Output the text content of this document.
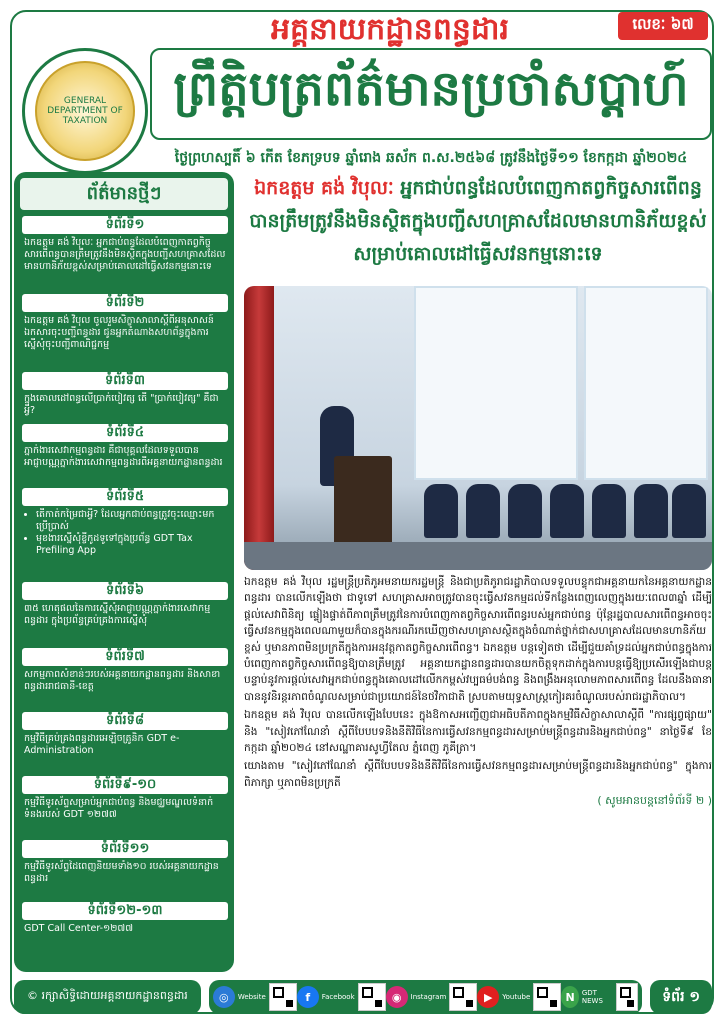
លេខៈ ៦៧
អគ្គនាយកដ្ឋានពន្ធដារ
GENERAL DEPARTMENT OF TAXATION
ព្រឹត្តិបត្រព័ត៌មានប្រចាំសប្ដាហ៍
ថ្ងៃព្រហស្បតិ៍ ៦ កើត ខែភទ្របទ ឆ្នាំរោង ឆស័ក ព.ស.២៥៦៨ ត្រូវនឹងថ្ងៃទី១១ ខែកក្កដា ឆ្នាំ២០២៤
ព័ត៌មានថ្មីៗ
ទំព័រទី១
ឯកឧត្តម គង់ វិបុលៈ អ្នកជាប់ពន្ធដែលបំពេញកាតព្វកិច្ចសារពើពន្ធបានត្រឹមត្រូវនឹងមិនស្ថិតក្នុងបញ្ជីសហគ្រាសដែលមានហានិភ័យខ្ពស់សម្រាប់គោលដៅធ្វើសវនកម្មនោះទេ
ទំព័រទី២
ឯកឧត្តម គង់ វិបុល ចូលរួមសិក្ខាសាលាស្ដីពីអនុសាសន៍ឯកសារចុះបញ្ជីពន្ធដារ ជូនអ្នកតំណាងសហព័ន្ធក្នុងការស្នើសុំចុះបញ្ជីពាណិជ្ជកម្ម
ទំព័រទី៣
ក្នុងគោលដៅពន្ធលើប្រាក់បៀវត្ស តើ "ប្រាក់បៀវត្ស" គឺជាអ្វី?
ទំព័រទី៤
ភ្នាក់ងារសេវាកម្មពន្ធដារ គឺជាបុគ្គលដែលទទួលបានអាជ្ញាបណ្ណភ្នាក់ងារសេវាកម្មពន្ធដារពីអគ្គនាយកដ្ឋានពន្ធដារ
ទំព័រទី៥
• តើកាត់កម្រៃជាអ្វី? ដែលអ្នកជាប់ពន្ធត្រូវចុះឈ្មោះមកប្រើប្រាស់
• មុខងារស្នើសុំខ្ចីកូដទូទៅក្នុងប្រព័ន្ធ GDT Tax Prefiling App
ទំព័រទី៦
៣៥ ហេតុផលនៃការស្នើសុំអាជ្ញាបណ្ណភ្នាក់ងារសេវាកម្មពន្ធដារ ក្នុងប្រព័ន្ធគ្រប់គ្រងការស្នើសុំ
ទំព័រទី៧
សកម្មភាពសំខាន់ៗរបស់អគ្គនាយកដ្ឋានពន្ធដារ និងសាខាពន្ធដាររាជធានី-ខេត្ត
ទំព័រទី៨
កម្មវិធីគ្រប់គ្រងពន្ធដារអេឡិចត្រូនិក GDT e-Administration
ទំព័រទី៩-១០
កម្មវិធីទូរស័ព្ទសម្រាប់អ្នកជាប់ពន្ធ និងមជ្ឈមណ្ឌលទំនាក់ទំនងរបស់ GDT ១២៧៧
ទំព័រទី១១
កម្មវិធីទូរស័ព្ទដៃពេញនិយមទាំង១០ របស់អគ្គនាយកដ្ឋានពន្ធដារ
ទំព័រទី១២-១៣
GDT Call Center-១២៧៧
ឯកឧត្តម គង់ វិបុលៈ អ្នកជាប់ពន្ធដែលបំពេញកាតព្វកិច្ចសារពើពន្ធបានត្រឹមត្រូវនឹងមិនស្ថិតក្នុងបញ្ជីសហគ្រាសដែលមានហានិភ័យខ្ពស់សម្រាប់គោលដៅធ្វើសវនកម្មនោះទេ

ឯកឧត្តម គង់ វិបុល រដ្ឋមន្ត្រីប្រតិភូអមនាយករដ្ឋមន្ត្រី និងជាប្រតិភូរាជរដ្ឋាភិបាលទទួលបន្ទុកជាអគ្គនាយកនៃអគ្គនាយកដ្ឋានពន្ធដារ បានលើកឡើងថា ជាទូទៅ សហគ្រាសអាចត្រូវបានចុះធ្វើសវនកម្មដល់ទីកន្លែងពេញលេញក្នុងរយៈពេល៣ឆ្នាំ ដើម្បីផ្តល់សេវាពិនិត្យ ផ្ទៀងផ្ទាត់ពីភាពត្រឹមត្រូវនៃការបំពេញកាតព្វកិច្ចសារពើពន្ធរបស់អ្នកជាប់ពន្ធ ប៉ុន្តែរដ្ឋបាលសារពើពន្ធអាចចុះធ្វើសវនកម្មក្នុងពេលណាមួយក៏បានក្នុងករណីរកឃើញថាសហគ្រាសស្ថិតក្នុងចំណាត់ថ្នាក់ជាសហគ្រាសដែលមានហានិភ័យខ្ពស់ ឬមានភាពមិនប្រក្រតីក្នុងការអនុវត្តកាតព្វកិច្ចសារពើពន្ធ។ ឯកឧត្តម បន្តទៀតថា ដើម្បីជួយគាំទ្រដល់អ្នកជាប់ពន្ធក្នុងការបំពេញកាតព្វកិច្ចសារពើពន្ធឱ្យបានត្រឹមត្រូវ អគ្គនាយកដ្ឋានពន្ធដារបានយកចិត្តទុកដាក់ក្នុងការបន្តធ្វើឱ្យប្រសើរឡើងជាបន្តបន្ទាប់នូវការផ្តល់សេវាអ្នកជាប់ពន្ធក្នុងគោលដៅលើកកម្ពស់វប្បធម៌បង់ពន្ធ និងពង្រឹងអនុលោមភាពសារពើពន្ធ ដែលនឹងធានាបាននូវនិរន្តរភាពចំណូលសម្រាប់ជាប្រយោជន៍នៃថវិកាជាតិ ស្របតាមយុទ្ធសាស្ត្រកៀរគរចំណូលរបស់រាជរដ្ឋាភិបាល។

ឯកឧត្តម គង់ វិបុល បានលើកឡើងបែបនេះ ក្នុងឱកាសអញ្ជើញជាអធិបតីភាពក្នុងកម្មវិធីសិក្ខាសាលាស្ដីពី "ការផ្សព្វផ្សាយ" និង "សៀវភៅណែនាំ ស្ដីពីបែបបទនិងនីតិវិធីនៃការធ្វើសវនកម្មពន្ធដារសម្រាប់មន្ត្រីពន្ធដារនិងអ្នកជាប់ពន្ធ" នាថ្ងៃទី៩ ខែកក្កដា ឆ្នាំ២០២៤ នៅសណ្ឋាគារសូហ្វីតែល ភ្នំពេញ ភូគីត្រា។

យោងតាម "សៀវភៅណែនាំ ស្ដីពីបែបបទនិងនីតិវិធីនៃការធ្វើសវនកម្មពន្ធដារសម្រាប់មន្ត្រីពន្ធដារនិងអ្នកជាប់ពន្ធ" ក្នុងការពិភាក្សា ឬភាពមិនប្រក្រតី

( សូមអានបន្តនៅទំព័រទី ២ )
© រក្សាសិទ្ធិដោយអគ្គនាយកដ្ឋានពន្ធដារ	◎	Website	f	Facebook	◉	Instagram	▶	Youtube	N	GDT NEWS	ទំព័រ ១
